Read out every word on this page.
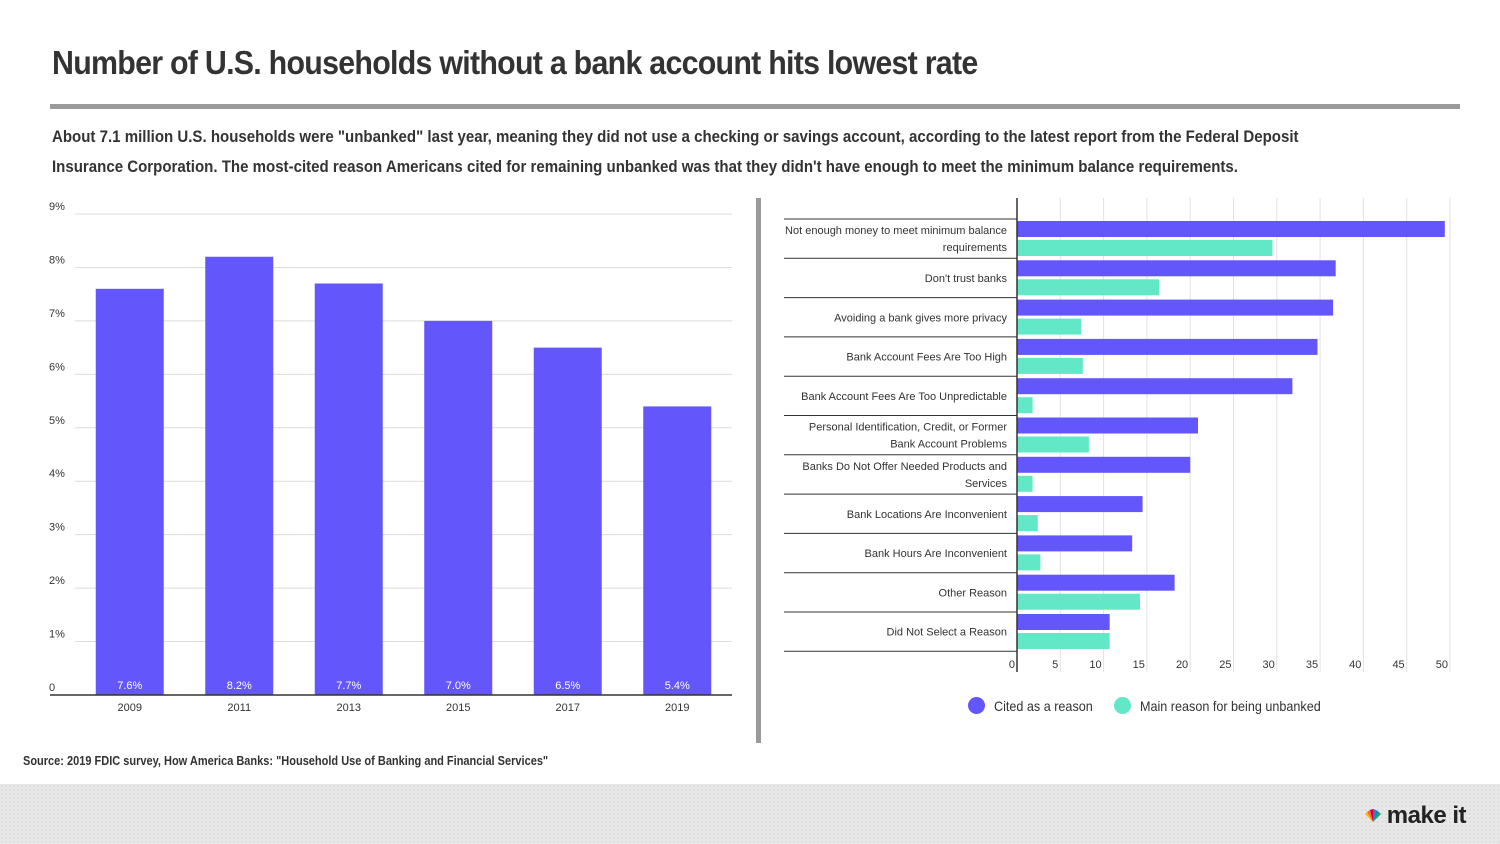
Number of U.S. households without a bank account hits lowest rate

About 7.1 million U.S. households were "unbanked" last year, meaning they did not use a checking or savings account, according to the latest report from the Federal Deposit Insurance Corporation. The most-cited reason Americans cited for remaining unbanked was that they didn't have enough to meet the minimum balance requirements.

0
1%
2%
3%
4%
5%
6%
7%
8%
9%
7.6%
2009
8.2%
2011
7.7%
2013
7.0%
2015
6.5%
2017
5.4%
2019
0	5	10	15	20	25	30	35	40	45	50
Not enough money to meet minimum balance requirements
Don't trust banks
Avoiding a bank gives more privacy
Bank Account Fees Are Too High
Bank Account Fees Are Too Unpredictable
Personal Identification, Credit, or Former Bank Account Problems
Banks Do Not Offer Needed Products and Services
Bank Locations Are Inconvenient
Bank Hours Are Inconvenient
Other Reason
Did Not Select a Reason
Cited as a reason	Main reason for being unbanked

Source: 2019 FDIC survey, How America Banks: "Household Use of Banking and Financial Services"

make it
